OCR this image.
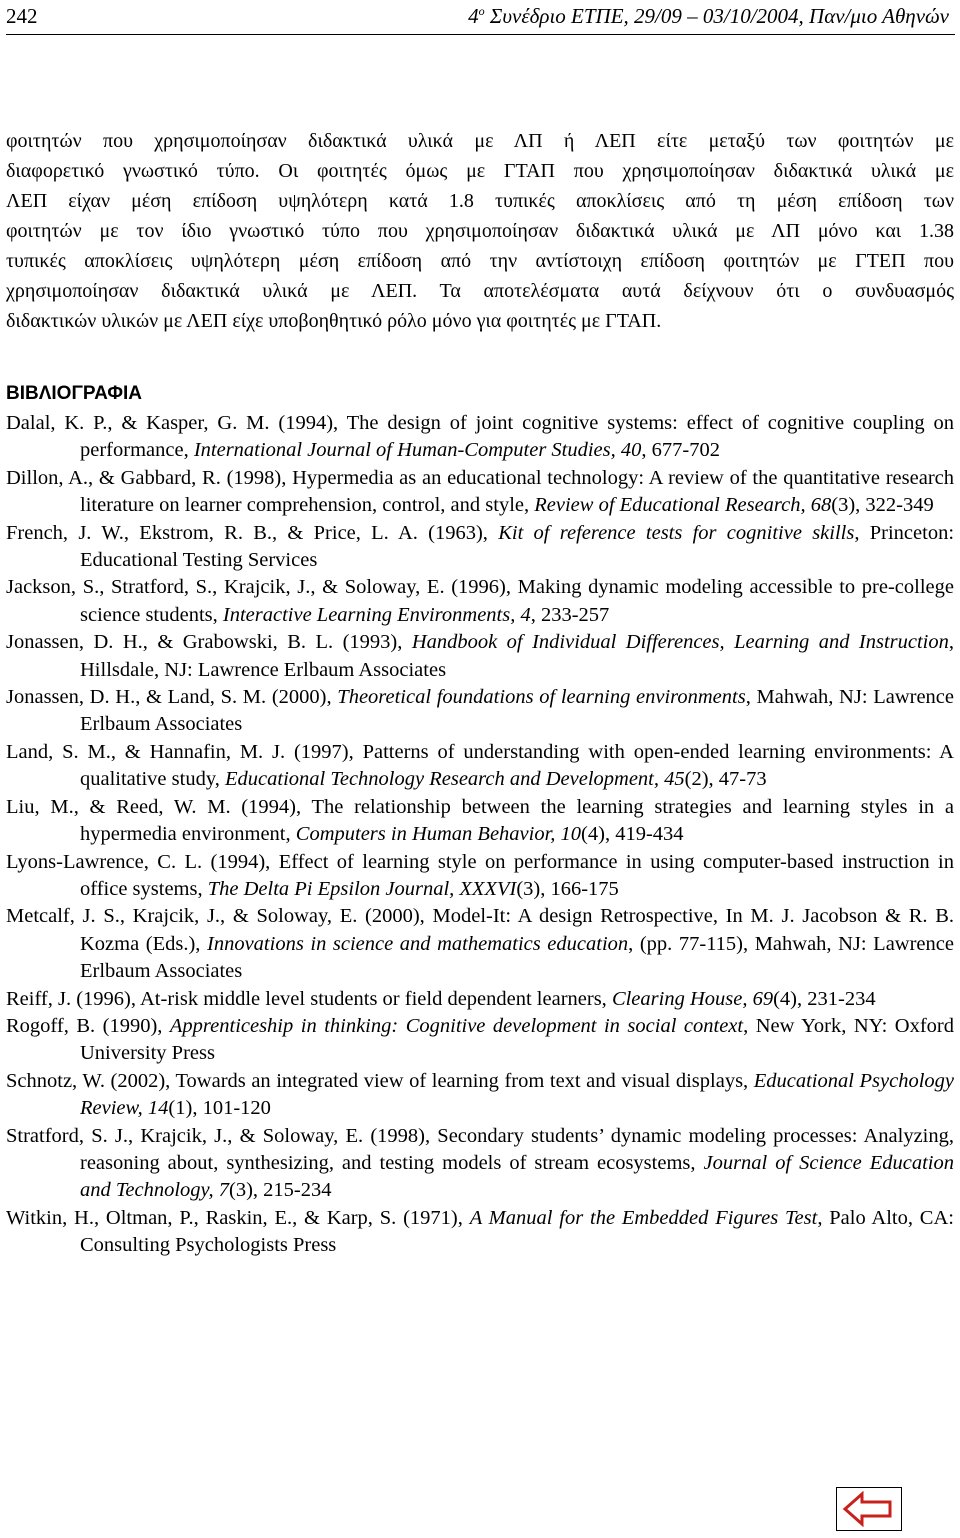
242	$4^o$ Συνέδριο ΕΤΠΕ, 29/09 – 03/10/2004, Παν/μιο Αθηνών
φοιτητών που χρησιμοποίησαν διδακτικά υλικά με ΛΠ ή ΛΕΠ είτε μεταξύ των φοιτητών με
διαφορετικό γνωστικό τύπο. Οι φοιτητές όμως με ΓΤΑΠ που χρησιμοποίησαν διδακτικά υλικά με
ΛΕΠ είχαν μέση επίδοση υψηλότερη κατά 1.8 τυπικές αποκλίσεις από τη μέση επίδοση των
φοιτητών με τον ίδιο γνωστικό τύπο που χρησιμοποίησαν διδακτικά υλικά με ΛΠ μόνο και 1.38
τυπικές αποκλίσεις υψηλότερη μέση επίδοση από την αντίστοιχη επίδοση φοιτητών με ΓΤΕΠ που
χρησιμοποίησαν διδακτικά υλικά με ΛΕΠ. Τα αποτελέσματα αυτά δείχνουν ότι ο συνδυασμός
διδακτικών υλικών με ΛΕΠ είχε υποβοηθητικό ρόλο μόνο για φοιτητές με ΓΤΑΠ.
ΒΙΒΛΙΟΓΡΑΦΙΑ
Dalal, K. P., & Kasper, G. M. (1994), The design of joint cognitive systems: effect of cognitive coupling on performance, International Journal of Human-Computer Studies, 40, 677-702
Dillon, A., & Gabbard, R. (1998), Hypermedia as an educational technology: A review of the quantitative research literature on learner comprehension, control, and style, Review of Educational Research, 68(3), 322-349
French, J. W., Ekstrom, R. B., & Price, L. A. (1963), Kit of reference tests for cognitive skills, Princeton: Educational Testing Services
Jackson, S., Stratford, S., Krajcik, J., & Soloway, E. (1996), Making dynamic modeling accessible to pre-college science students, Interactive Learning Environments, 4, 233-257
Jonassen, D. H., & Grabowski, B. L. (1993), Handbook of Individual Differences, Learning and Instruction, Hillsdale, NJ: Lawrence Erlbaum Associates
Jonassen, D. H., & Land, S. M. (2000), Theoretical foundations of learning environments, Mahwah, NJ: Lawrence Erlbaum Associates
Land, S. M., & Hannafin, M. J. (1997), Patterns of understanding with open-ended learning environments: A qualitative study, Educational Technology Research and Development, 45(2), 47-73
Liu, M., & Reed, W. M. (1994), The relationship between the learning strategies and learning styles in a hypermedia environment, Computers in Human Behavior, 10(4), 419-434
Lyons-Lawrence, C. L. (1994), Effect of learning style on performance in using computer-based instruction in office systems, The Delta Pi Epsilon Journal, XXXVI(3), 166-175
Metcalf, J. S., Krajcik, J., & Soloway, E. (2000), Model-It: A design Retrospective, In M. J. Jacobson & R. B. Kozma (Eds.), Innovations in science and mathematics education, (pp. 77-115), Mahwah, NJ: Lawrence Erlbaum Associates
Reiff, J. (1996), At-risk middle level students or field dependent learners, Clearing House, 69(4), 231-234
Rogoff, B. (1990), Apprenticeship in thinking: Cognitive development in social context, New York, NY: Oxford University Press
Schnotz, W. (2002), Towards an integrated view of learning from text and visual displays, Educational Psychology Review, 14(1), 101-120
Stratford, S. J., Krajcik, J., & Soloway, E. (1998), Secondary students’ dynamic modeling processes: Analyzing, reasoning about, synthesizing, and testing models of stream ecosystems, Journal of Science Education and Technology, 7(3), 215-234
Witkin, H., Oltman, P., Raskin, E., & Karp, S. (1971), A Manual for the Embedded Figures Test, Palo Alto, CA: Consulting Psychologists Press
